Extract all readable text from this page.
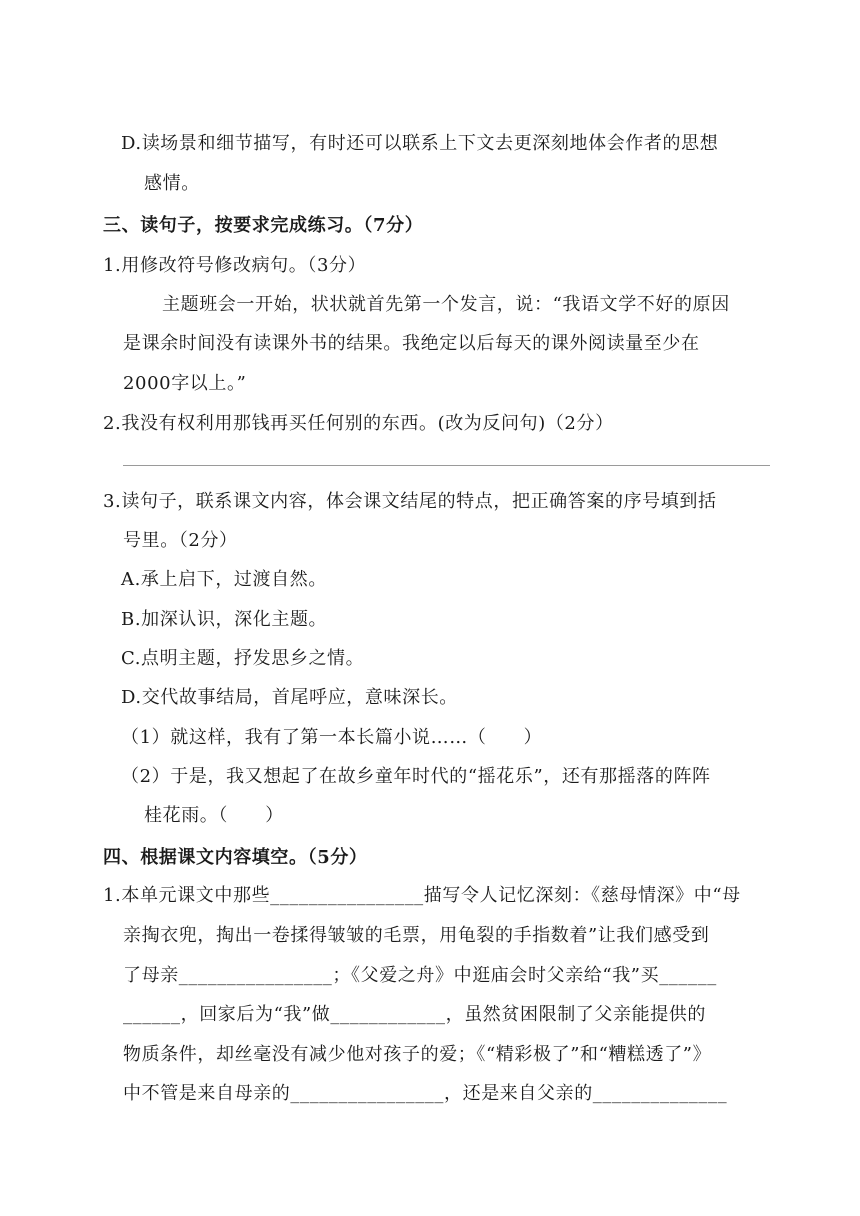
D.读场景和细节描写，有时还可以联系上下文去更深刻地体会作者的思想
感情。
三、读句子，按要求完成练习。（7分）
1.用修改符号修改病句。（3分）
主题班会一开始，状状就首先第一个发言，说：“我语文学不好的原因
是课余时间没有读课外书的结果。我绝定以后每天的课外阅读量至少在
2000字以上。”
2.我没有权利用那钱再买任何别的东西。(改为反问句)（2分）
3.读句子，联系课文内容，体会课文结尾的特点，把正确答案的序号填到括
号里。（2分）
A.承上启下，过渡自然。
B.加深认识，深化主题。
C.点明主题，抒发思乡之情。
D.交代故事结局，首尾呼应，意味深长。
（1）就这样，我有了第一本长篇小说……（　　）
（2）于是，我又想起了在故乡童年时代的“摇花乐”，还有那摇落的阵阵
桂花雨。（　　）
四、根据课文内容填空。（5分）
1.本单元课文中那些________________描写令人记忆深刻：《慈母情深》中“母
亲掏衣兜，掏出一卷揉得皱皱的毛票，用龟裂的手指数着”让我们感受到
了母亲________________；《父爱之舟》中逛庙会时父亲给“我”买______
______，回家后为“我”做____________，虽然贫困限制了父亲能提供的
物质条件，却丝毫没有减少他对孩子的爱；《“精彩极了”和“糟糕透了”》
中不管是来自母亲的________________，还是来自父亲的______________
